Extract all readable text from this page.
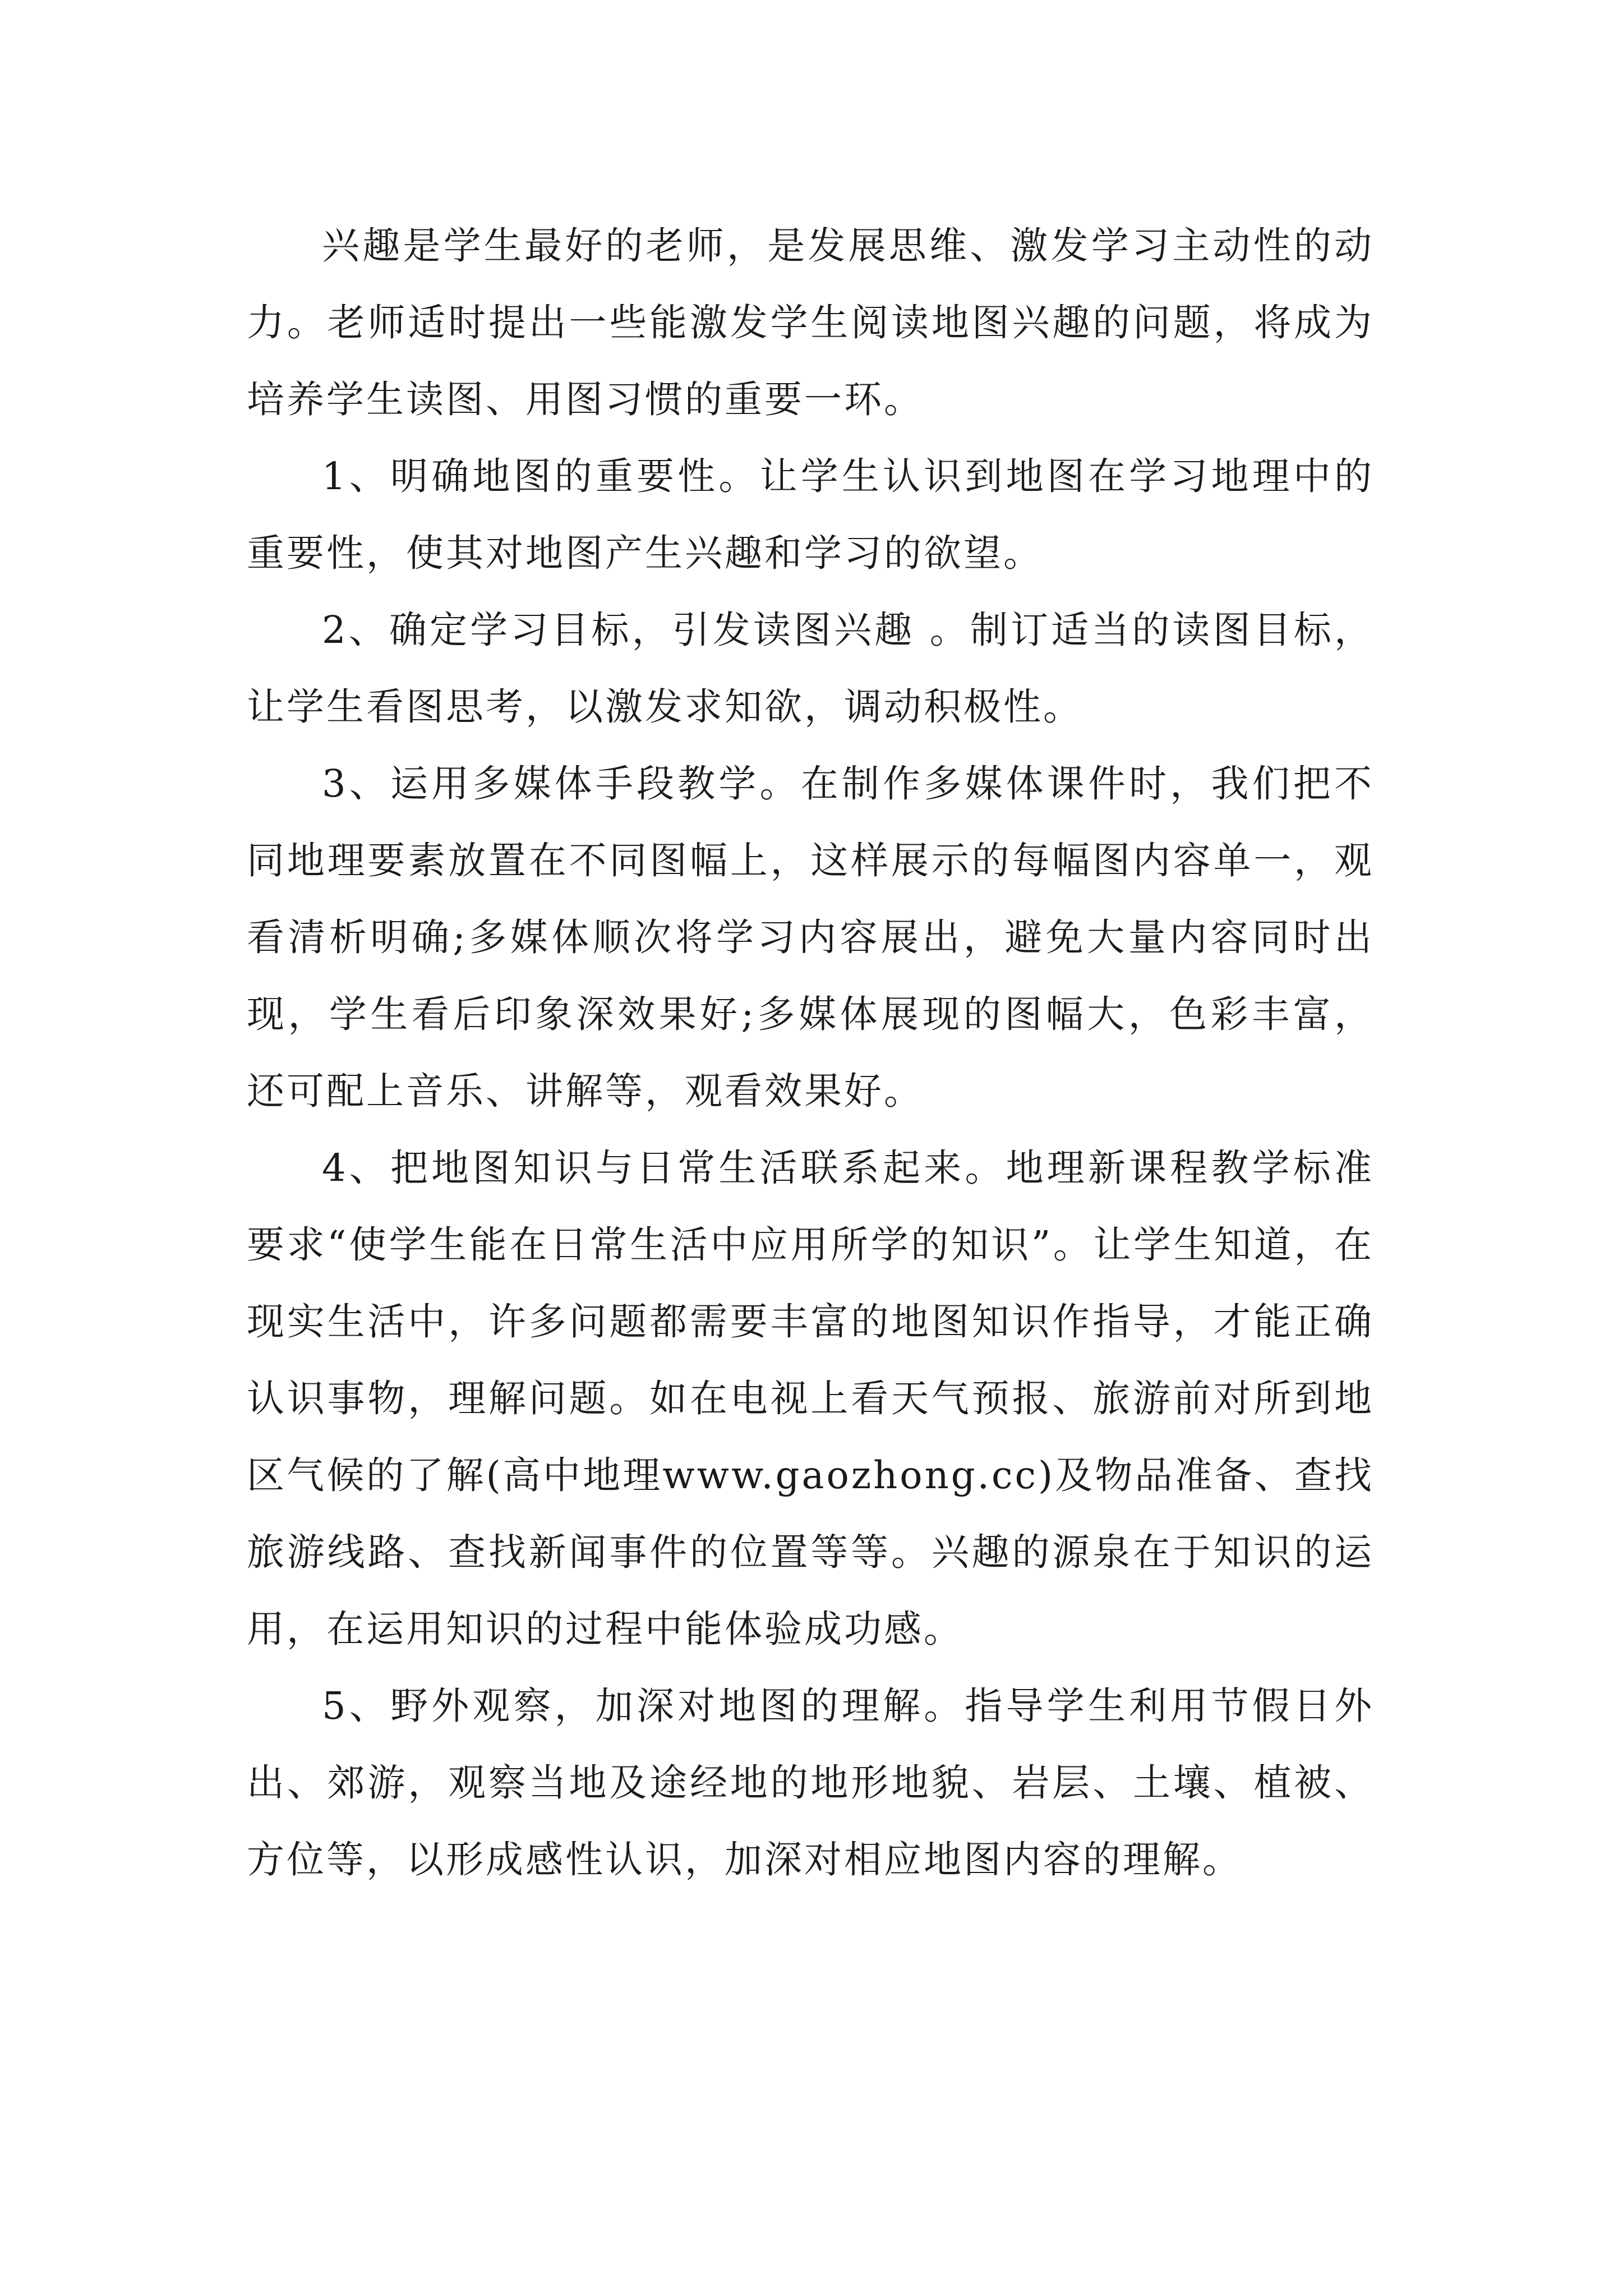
兴趣是学生最好的老师，是发展思维、激发学习主动性的动力。老师适时提出一些能激发学生阅读地图兴趣的问题，将成为培养学生读图、用图习惯的重要一环。

1、明确地图的重要性。让学生认识到地图在学习地理中的重要性，使其对地图产生兴趣和学习的欲望。

2、确定学习目标，引发读图兴趣 。制订适当的读图目标，让学生看图思考，以激发求知欲，调动积极性。

3、运用多媒体手段教学。在制作多媒体课件时，我们把不同地理要素放置在不同图幅上，这样展示的每幅图内容单一，观看清析明确;多媒体顺次将学习内容展出，避免大量内容同时出现，学生看后印象深效果好;多媒体展现的图幅大，色彩丰富，还可配上音乐、讲解等，观看效果好。

4、把地图知识与日常生活联系起来。地理新课程教学标准要求“使学生能在日常生活中应用所学的知识”。让学生知道，在现实生活中，许多问题都需要丰富的地图知识作指导，才能正确认识事物，理解问题。如在电视上看天气预报、旅游前对所到地区气候的了解(高中地理www.gaozhong.cc)及物品准备、查找旅游线路、查找新闻事件的位置等等。兴趣的源泉在于知识的运用，在运用知识的过程中能体验成功感。

5、野外观察，加深对地图的理解。指导学生利用节假日外出、郊游，观察当地及途经地的地形地貌、岩层、土壤、植被、方位等，以形成感性认识，加深对相应地图内容的理解。
